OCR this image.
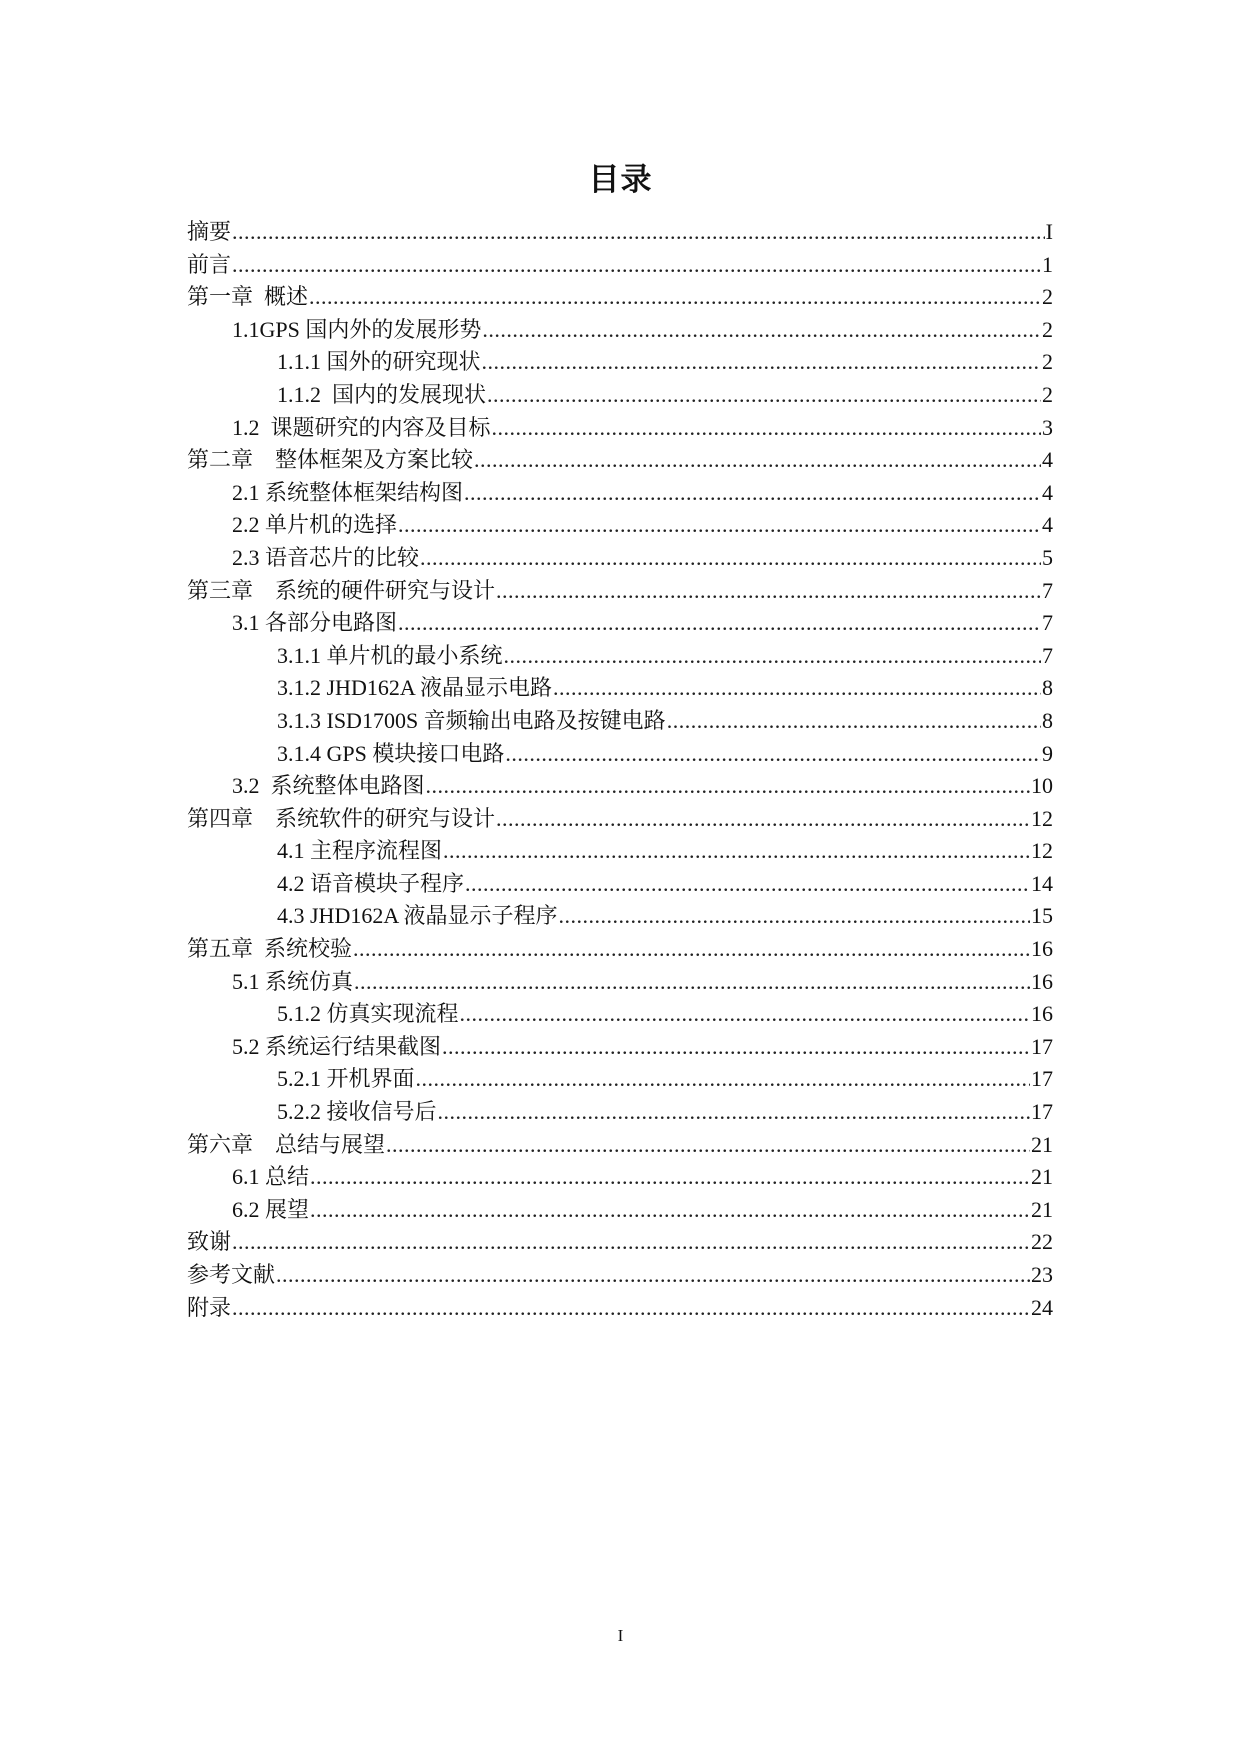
目录
摘要 .....	I
前言 .....	1
第一章  概述 .....	2
1.1GPS 国内外的发展形势 .....	2
1.1.1 国外的研究现状 .....	2
1.1.2  国内的发展现状 .....	2
1.2  课题研究的内容及目标 .....	3
第二章    整体框架及方案比较 .....	4
2.1 系统整体框架结构图 .....	4
2.2 单片机的选择 .....	4
2.3 语音芯片的比较 .....	5
第三章    系统的硬件研究与设计 .....	7
3.1 各部分电路图 .....	7
3.1.1 单片机的最小系统 .....	7
3.1.2 JHD162A 液晶显示电路 .....	8
3.1.3 ISD1700S 音频输出电路及按键电路 .....	8
3.1.4 GPS 模块接口电路 .....	9
3.2  系统整体电路图 .....	10
第四章    系统软件的研究与设计 .....	12
4.1 主程序流程图 .....	12
4.2 语音模块子程序 .....	14
4.3 JHD162A 液晶显示子程序 .....	15
第五章  系统校验 .....	16
5.1 系统仿真 .....	16
5.1.2 仿真实现流程 .....	16
5.2 系统运行结果截图 .....	17
5.2.1 开机界面 .....	17
5.2.2 接收信号后 .....	17
第六章    总结与展望 .....	21
6.1 总结 .....	21
6.2 展望 .....	21
致谢 .....	22
参考文献 .....	23
附录 .....	24
I
